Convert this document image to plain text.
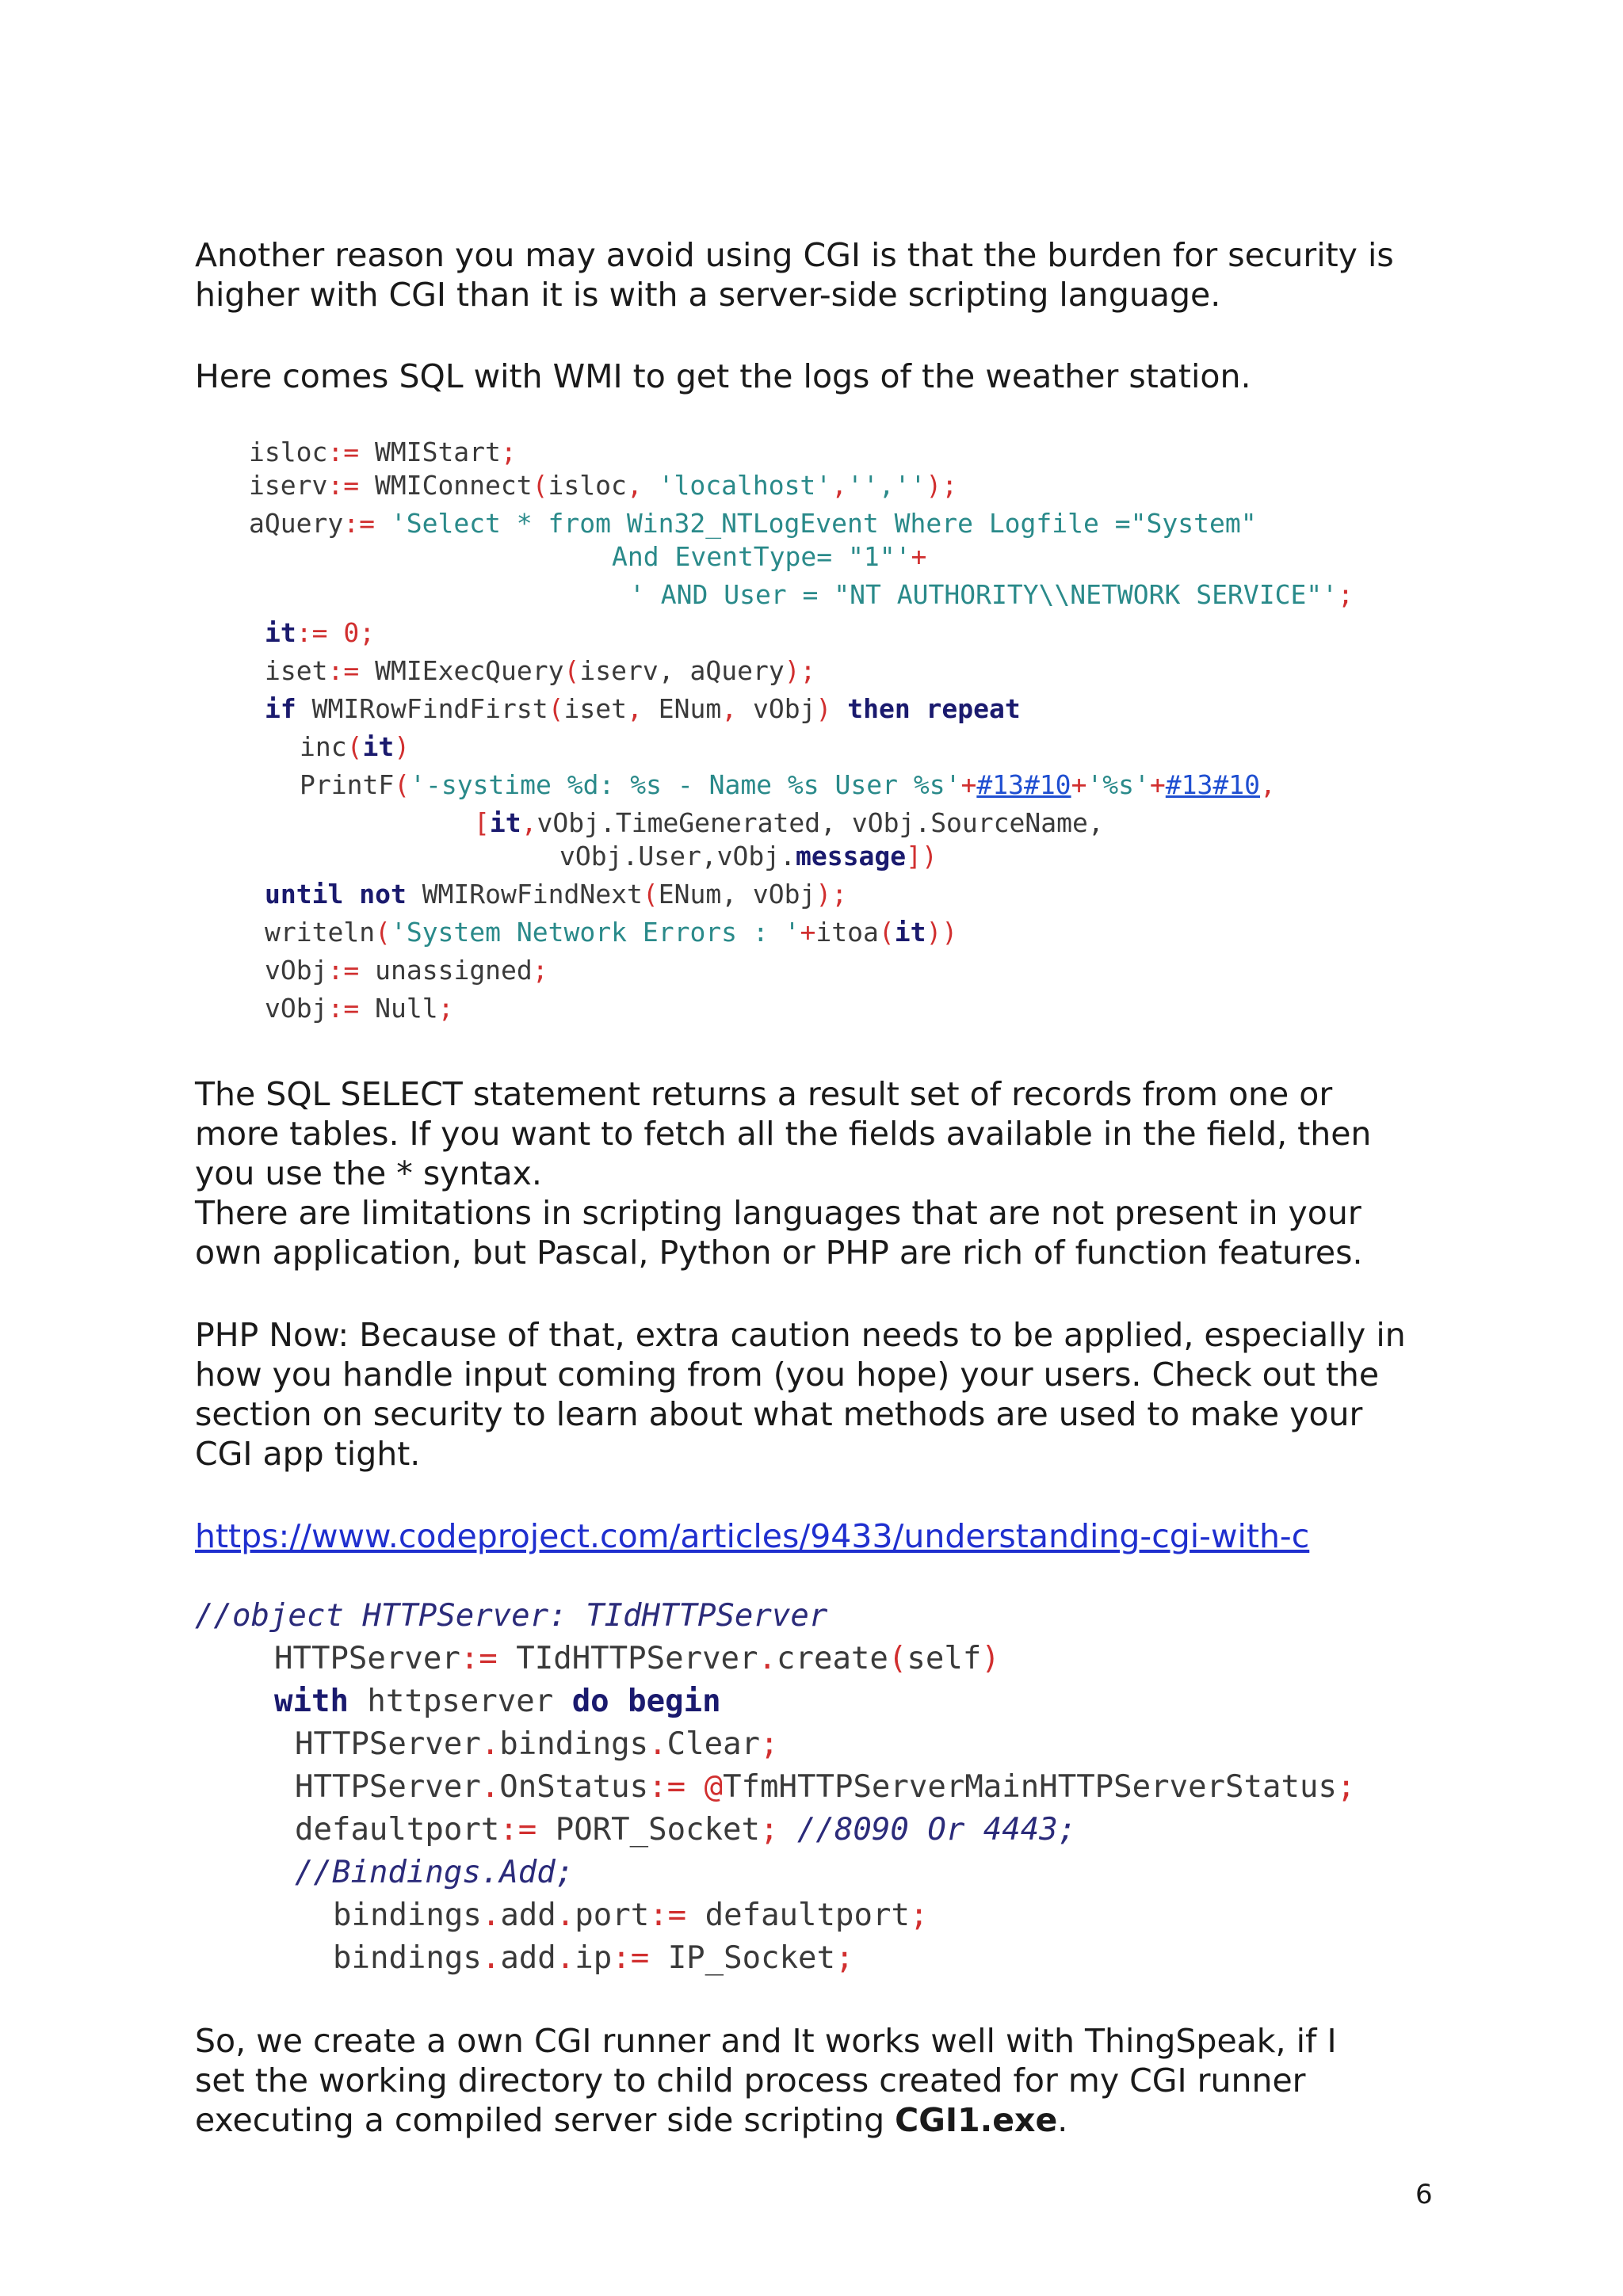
Another reason you may avoid using CGI is that the burden for security is
higher with CGI than it is with a server-side scripting language.

Here comes SQL with WMI to get the logs of the weather station.

isloc:= WMIStart;
iserv:= WMIConnect(isloc, 'localhost','','');
aQuery:= 'Select * from Win32_NTLogEvent Where Logfile ="System"
And EventType= "1"'+
' AND User = "NT AUTHORITY\\NETWORK SERVICE"';
it:= 0;
iset:= WMIExecQuery(iserv, aQuery);
if WMIRowFindFirst(iset, ENum, vObj) then repeat
inc(it)
PrintF('-systime %d: %s - Name %s User %s'+#13#10+'%s'+#13#10,
[it,vObj.TimeGenerated, vObj.SourceName,
vObj.User,vObj.message])
until not WMIRowFindNext(ENum, vObj);
writeln('System Network Errors : '+itoa(it))
vObj:= unassigned;
vObj:= Null;

The SQL SELECT statement returns a result set of records from one or
more tables. If you want to fetch all the fields available in the field, then
you use the * syntax.
There are limitations in scripting languages that are not present in your
own application, but Pascal, Python or PHP are rich of function features.

PHP Now: Because of that, extra caution needs to be applied, especially in
how you handle input coming from (you hope) your users. Check out the
section on security to learn about what methods are used to make your
CGI app tight.

https://www.codeproject.com/articles/9433/understanding-cgi-with-c

//object HTTPServer: TIdHTTPServer
HTTPServer:= TIdHTTPServer.create(self)
with httpserver do begin
HTTPServer.bindings.Clear;
HTTPServer.OnStatus:= @TfmHTTPServerMainHTTPServerStatus;
defaultport:= PORT_Socket; //8090 Or 4443;
//Bindings.Add;
bindings.add.port:= defaultport;
bindings.add.ip:= IP_Socket;

So, we create a own CGI runner and It works well with ThingSpeak, if I
set the working directory to child process created for my CGI runner
executing a compiled server side scripting CGI1.exe.

6
